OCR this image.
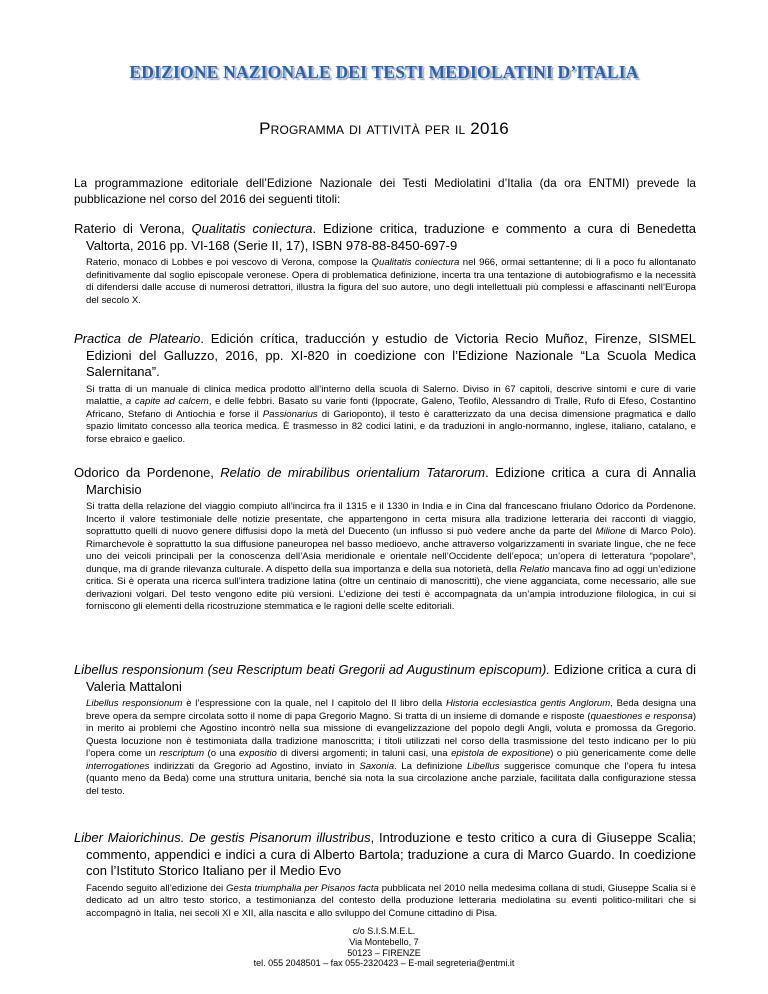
EDIZIONE NAZIONALE DEI TESTI MEDIOLATINI D’ITALIA
Programma di attività per il 2016

La programmazione editoriale dell’Edizione Nazionale dei Testi Mediolatini d’Italia (da ora ENTMI) prevede la pubblicazione nel corso del 2016 dei seguenti titoli:

Raterio di Verona, Qualitatis coniectura. Edizione critica, traduzione e commento a cura di Benedetta Valtorta, 2016 pp. VI-168 (Serie II, 17), ISBN 978-88-8450-697-9

Raterio, monaco di Lobbes e poi vescovo di Verona, compose la Qualitatis coniectura nel 966, ormai settantenne; di lì a poco fu allontanato definitivamente dal soglio episcopale veronese. Opera di problematica definizione, incerta tra una tentazione di autobiografismo e la necessità di difendersi dalle accuse di numerosi detrattori, illustra la figura del suo autore, uno degli intellettuali più complessi e affascinanti nell’Europa del secolo X.

Practica de Plateario. Edición crítica, traducción y estudio de Victoria Recio Muñoz, Firenze, SISMEL Edizioni del Galluzzo, 2016, pp. XI-820 in coedizione con l’Edizione Nazionale “La Scuola Medica Salernitana”.

Si tratta di un manuale di clinica medica prodotto all’interno della scuola di Salerno. Diviso in 67 capitoli, descrive sintomi e cure di varie malattie, a capite ad calcem, e delle febbri. Basato su varie fonti (Ippocrate, Galeno, Teofilo, Alessandro di Tralle, Rufo di Efeso, Costantino Africano, Stefano di Antiochia e forse il Passionarius di Garioponto), il testo è caratterizzato da una decisa dimensione pragmatica e dallo spazio limitato concesso alla teorica medica. È trasmesso in 82 codici latini, e da traduzioni in anglo-normanno, inglese, italiano, catalano, e forse ebraico e gaelico.

Odorico da Pordenone, Relatio de mirabilibus orientalium Tatarorum. Edizione critica a cura di Annalia Marchisio

Si tratta della relazione del viaggio compiuto all’incirca fra il 1315 e il 1330 in India e in Cina dal francescano friulano Odorico da Pordenone. Incerto il valore testimoniale delle notizie presentate, che appartengono in certa misura alla tradizione letteraria dei racconti di viaggio, soprattutto quelli di nuovo genere diffusisi dopo la metà del Duecento (un influsso si può vedere anche da parte del Milione di Marco Polo). Rimarchevole è soprattutto la sua diffusione paneuropea nel basso medioevo, anche attraverso volgarizzamenti in svariate lingue, che ne fece uno dei veicoli principali per la conoscenza dell’Asia meridionale e orientale nell’Occidente dell’epoca; un’opera di letteratura “popolare”, dunque, ma di grande rilevanza culturale. A dispetto della sua importanza e della sua notorietà, della Relatio mancava fino ad oggi un’edizione critica. Si è operata una ricerca sull’intera tradizione latina (oltre un centinaio di manoscritti), che viene agganciata, come necessario, alle sue derivazioni volgari. Del testo vengono edite più versioni. L’edizione dei testi è accompagnata da un’ampia introduzione filologica, in cui si forniscono gli elementi della ricostruzione stemmatica e le ragioni delle scelte editoriali.

Libellus responsionum (seu Rescriptum beati Gregorii ad Augustinum episcopum). Edizione critica a cura di Valeria Mattaloni

Libellus responsionum è l’espressione con la quale, nel I capitolo del II libro della Historia ecclesiastica gentis Anglorum, Beda designa una breve opera da sempre circolata sotto il nome di papa Gregorio Magno. Si tratta di un insieme di domande e risposte (quaestiones e responsa) in merito ai problemi che Agostino incontrò nella sua missione di evangelizzazione del popolo degli Angli, voluta e promossa da Gregorio. Questa locuzione non è testimoniata dalla tradizione manoscritta; i titoli utilizzati nel corso della trasmissione del testo indicano per lo più l’opera come un rescriptum (o una expositio di diversi argomenti; in taluni casi, una epistola de expositione) o più genericamente come delle interrogationes indirizzati da Gregorio ad Agostino, inviato in Saxonia. La definizione Libellus suggerisce comunque che l’opera fu intesa (quanto meno da Beda) come una struttura unitaria, benché sia nota la sua circolazione anche parziale, facilitata dalla configurazione stessa del testo.

Liber Maiorichinus. De gestis Pisanorum illustribus, Introduzione e testo critico a cura di Giuseppe Scalia; commento, appendici e indici a cura di Alberto Bartola; traduzione a cura di Marco Guardo. In coedizione con l’Istituto Storico Italiano per il Medio Evo

Facendo seguito all’edizione dei Gesta triumphalia per Pisanos facta pubblicata nel 2010 nella medesima collana di studi, Giuseppe Scalia si è dedicato ad un altro testo storico, a testimonianza del contesto della produzione letteraria mediolatina su eventi politico-militari che si accompagnò in Italia, nei secoli XI e XII, alla nascita e allo sviluppo del Comune cittadino di Pisa.

c/o S.I.S.M.E.L.
Via Montebello, 7
50123 – FIRENZE
tel. 055 2048501 – fax 055-2320423 – E-mail segreteria@entmi.it
